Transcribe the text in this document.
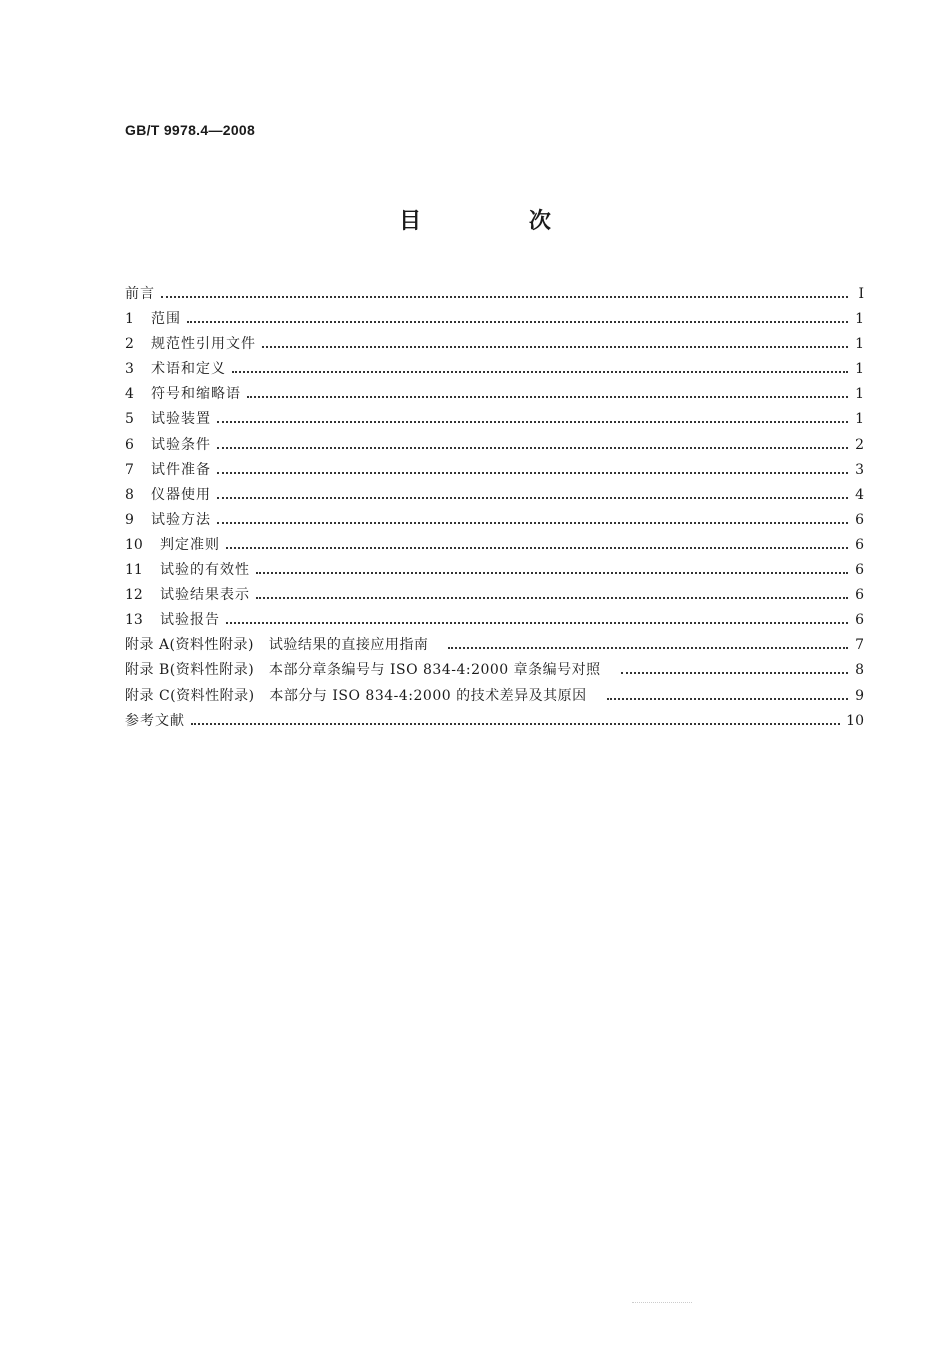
GB/T 9978.4—2008
目 次
前言	Ⅰ
1 范围	1
2 规范性引用文件	1
3 术语和定义	1
4 符号和缩略语	1
5 试验装置	1
6 试验条件	2
7 试件准备	3
8 仪器使用	4
9 试验方法	6
10 判定准则	6
11 试验的有效性	6
12 试验结果表示	6
13 试验报告	6
附录 A(资料性附录)   试验结果的直接应用指南	7
附录 B(资料性附录)   本部分章条编号与 ISO 834-4:2000 章条编号对照	8
附录 C(资料性附录)   本部分与 ISO 834-4:2000 的技术差异及其原因	9
参考文献	10
